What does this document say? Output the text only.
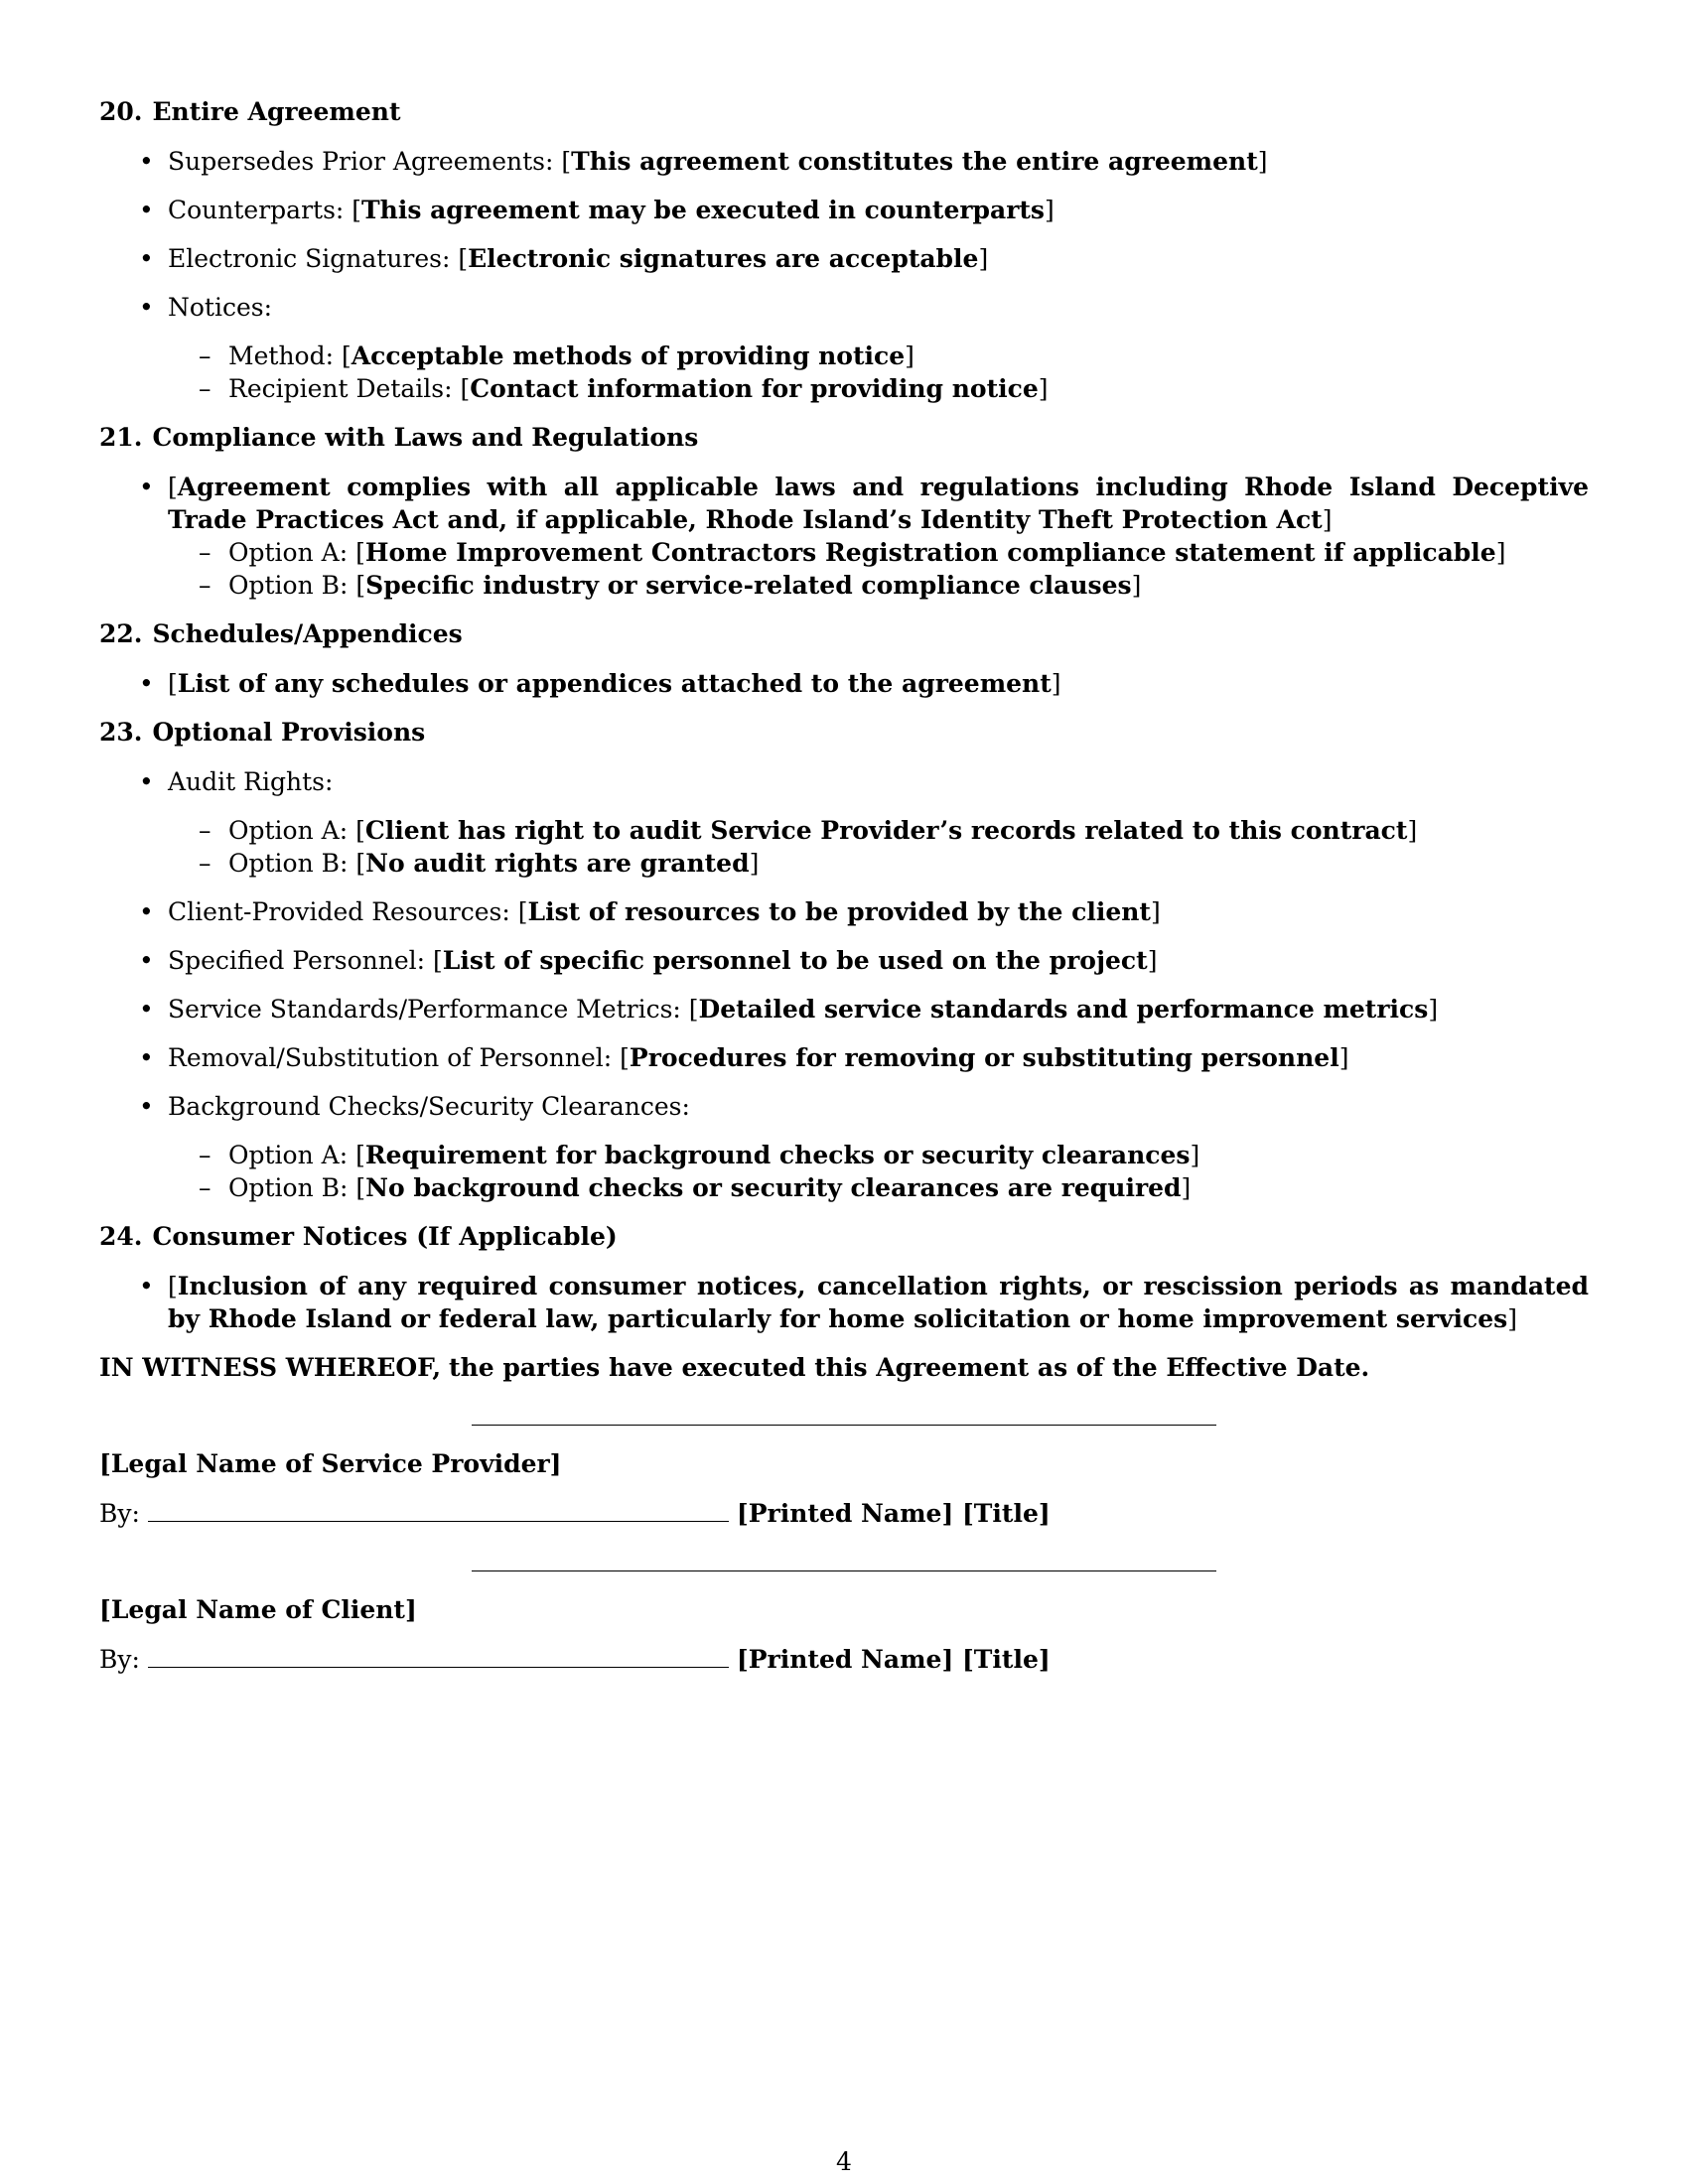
20. Entire Agreement
• Supersedes Prior Agreements: [This agreement constitutes the entire agreement]
• Counterparts: [This agreement may be executed in counterparts]
• Electronic Signatures: [Electronic signatures are acceptable]
• Notices:
– Method: [Acceptable methods of providing notice]
– Recipient Details: [Contact information for providing notice]
21. Compliance with Laws and Regulations
• [Agreement complies with all applicable laws and regulations including Rhode Island Deceptive Trade Practices Act and, if applicable, Rhode Island’s Identity Theft Protection Act]
– Option A: [Home Improvement Contractors Registration compliance statement if applicable]
– Option B: [Specific industry or service-related compliance clauses]
22. Schedules/Appendices
• [List of any schedules or appendices attached to the agreement]
23. Optional Provisions
• Audit Rights:
– Option A: [Client has right to audit Service Provider’s records related to this contract]
– Option B: [No audit rights are granted]
• Client-Provided Resources: [List of resources to be provided by the client]
• Specified Personnel: [List of specific personnel to be used on the project]
• Service Standards/Performance Metrics: [Detailed service standards and performance metrics]
• Removal/Substitution of Personnel: [Procedures for removing or substituting personnel]
• Background Checks/Security Clearances:
– Option A: [Requirement for background checks or security clearances]
– Option B: [No background checks or security clearances are required]
24. Consumer Notices (If Applicable)
• [Inclusion of any required consumer notices, cancellation rights, or rescission periods as mandated by Rhode Island or federal law, particularly for home solicitation or home improvement services]
IN WITNESS WHEREOF, the parties have executed this Agreement as of the Effective Date.
[Legal Name of Service Provider]
By:	[Printed Name] [Title]
[Legal Name of Client]
By:	[Printed Name] [Title]
4
